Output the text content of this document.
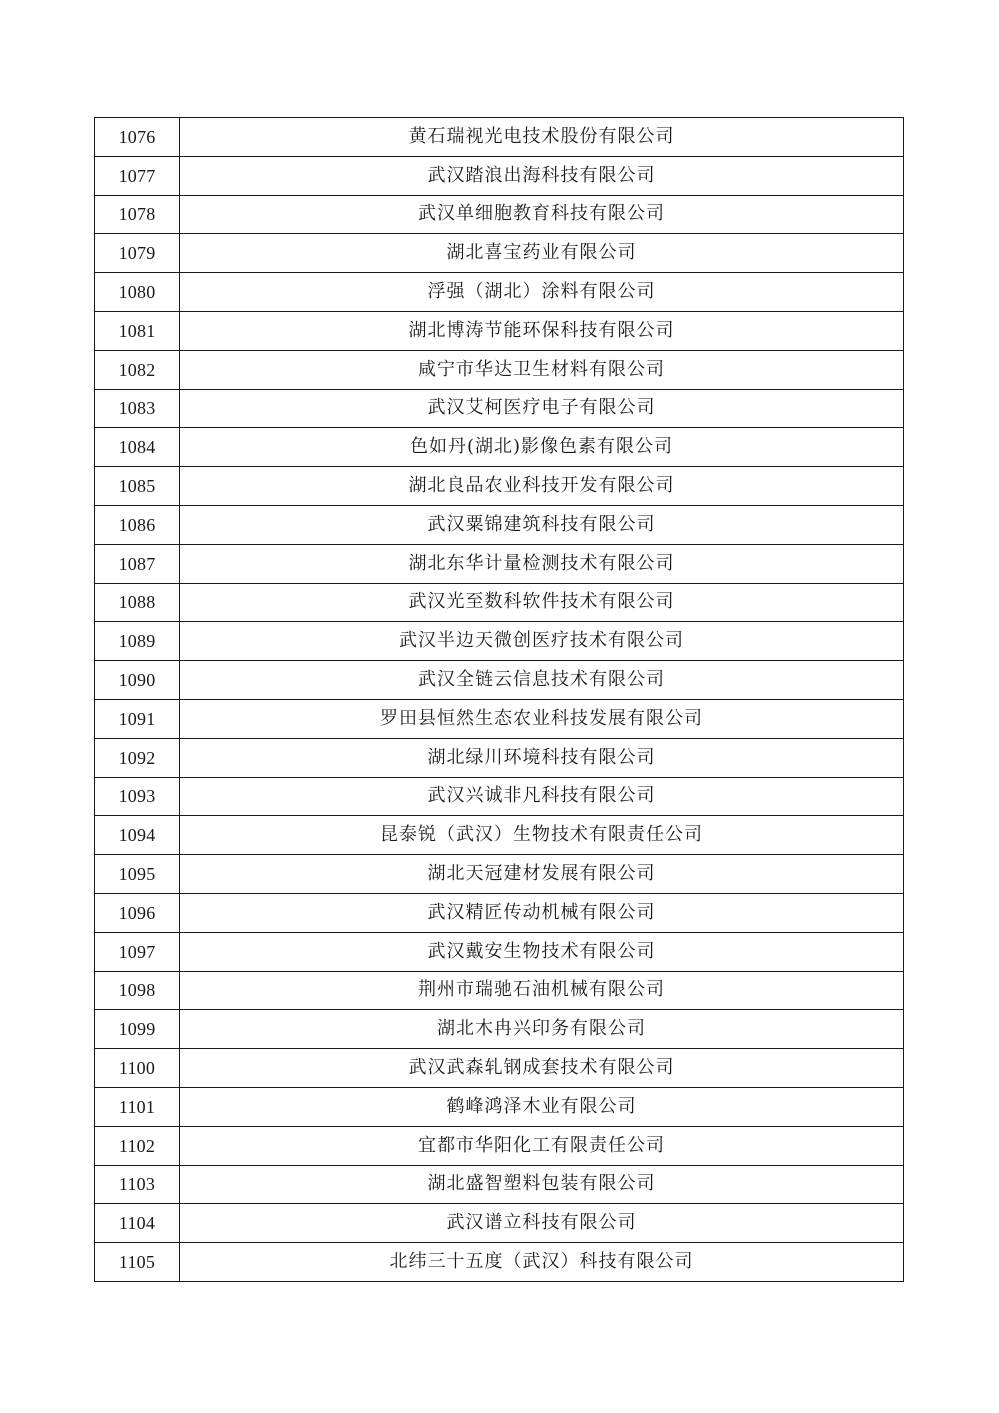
1076	黄石瑞视光电技术股份有限公司
1077	武汉踏浪出海科技有限公司
1078	武汉单细胞教育科技有限公司
1079	湖北喜宝药业有限公司
1080	浮强（湖北）涂料有限公司
1081	湖北博涛节能环保科技有限公司
1082	咸宁市华达卫生材料有限公司
1083	武汉艾柯医疗电子有限公司
1084	色如丹(湖北)影像色素有限公司
1085	湖北良品农业科技开发有限公司
1086	武汉粟锦建筑科技有限公司
1087	湖北东华计量检测技术有限公司
1088	武汉光至数科软件技术有限公司
1089	武汉半边天微创医疗技术有限公司
1090	武汉全链云信息技术有限公司
1091	罗田县恒然生态农业科技发展有限公司
1092	湖北绿川环境科技有限公司
1093	武汉兴诚非凡科技有限公司
1094	昆泰锐（武汉）生物技术有限责任公司
1095	湖北天冠建材发展有限公司
1096	武汉精匠传动机械有限公司
1097	武汉戴安生物技术有限公司
1098	荆州市瑞驰石油机械有限公司
1099	湖北木冉兴印务有限公司
1100	武汉武森轧钢成套技术有限公司
1101	鹤峰鸿泽木业有限公司
1102	宜都市华阳化工有限责任公司
1103	湖北盛智塑料包装有限公司
1104	武汉谱立科技有限公司
1105	北纬三十五度（武汉）科技有限公司
